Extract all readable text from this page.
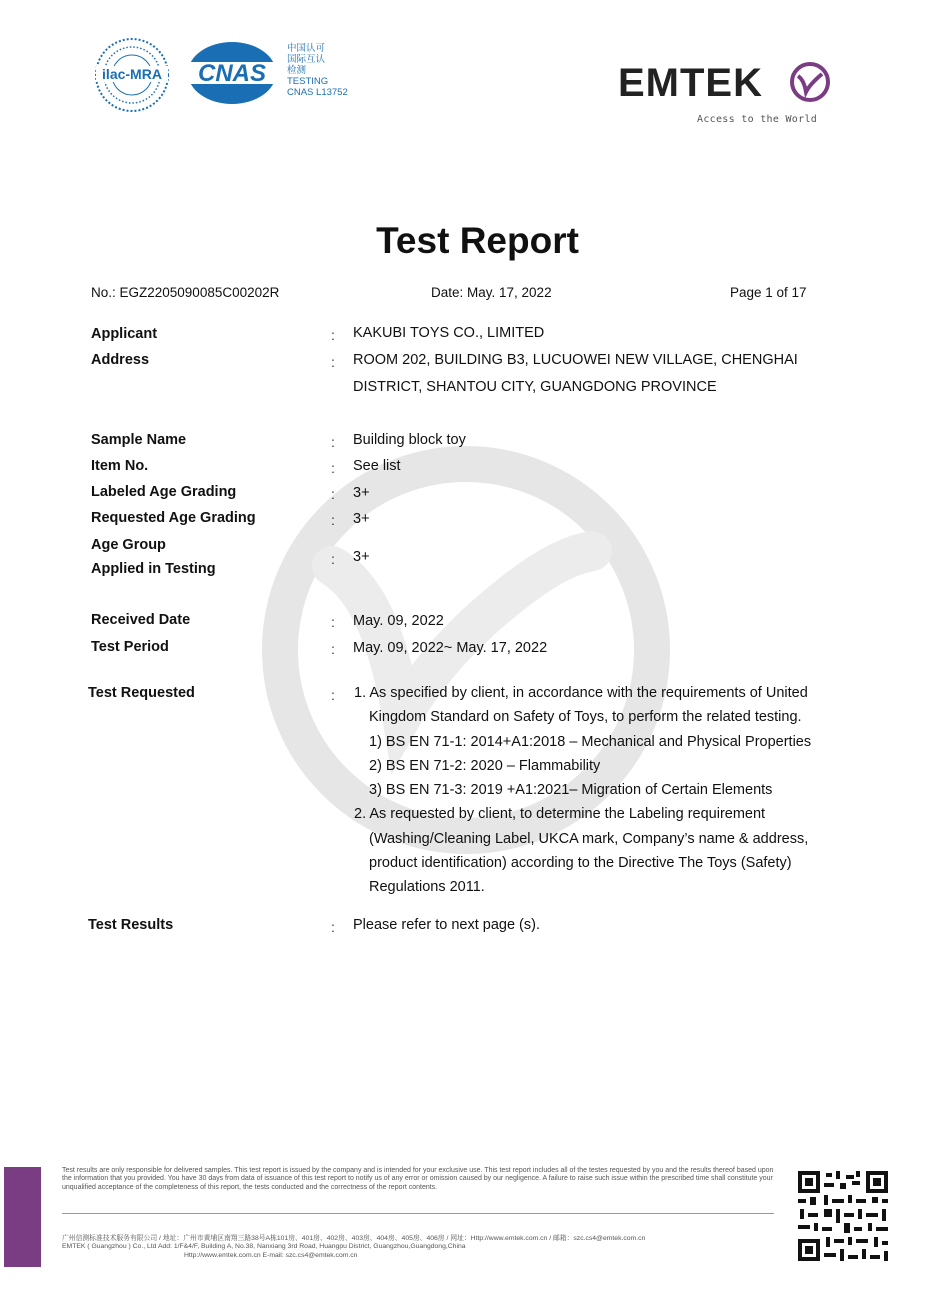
ilac-MRA CNAS
中国认可
国际互认
检测
TESTING
CNAS L13752	EMTEK
Access to the World
Test Report
No.: EGZ2205090085C00202R	Date: May. 17, 2022	Page 1 of 17
Applicant	: KAKUBI TOYS CO., LIMITED
Address	: ROOM 202, BUILDING B3, LUCUOWEI NEW VILLAGE, CHENGHAI
DISTRICT, SHANTOU CITY, GUANGDONG PROVINCE
Sample Name	: Building block toy
Item No.	: See list
Labeled Age Grading	: 3+
Requested Age Grading	: 3+
Age Group
Applied in Testing
: 3+
Received Date	: May. 09, 2022
Test Period	: May. 09, 2022~ May. 17, 2022
Test Requested	: 1. As specified by client, in accordance with the requirements of United
Kingdom Standard on Safety of Toys, to perform the related testing.
1) BS EN 71-1: 2014+A1:2018 – Mechanical and Physical Properties
2) BS EN 71-2: 2020 – Flammability
3) BS EN 71-3: 2019 +A1:2021– Migration of Certain Elements
2. As requested by client, to determine the Labeling requirement
(Washing/Cleaning Label, UKCA mark, Company’s name & address,
product identification) according to the Directive The Toys (Safety)
Regulations 2011.
Test Results	: Please refer to next page (s).
Test results are only responsible for delivered samples. This test report is issued by the company and is intended for your exclusive use. This test report includes all of the testes requested by you and the results thereof based upon the information that you provided. You have 30 days from data of issuance of this test report to notify us of any error or omission caused by our negligence. A failure to raise such issue within the prescribed time shall constitute your unqualified acceptance of the completeness of this report, the tests conducted and the correctness of the report contents.
广州信测标准技术服务有限公司 / 地址：广州市黄埔区南翔三路38号A栋101房、401房、402房、403房、404房、405房、406房 / 网址：Http://www.emtek.com.cn / 邮箱：szc.cs4@emtek.com.cn
EMTEK ( Guangzhou ) Co., Ltd Add: 1/F&4/F, Building A, No.38, Nanxiang 3rd Road, Huangpu District, Guangzhou,Guangdong,China
Http://www.emtek.com.cn E-mail: szc.cs4@emtek.com.cn
